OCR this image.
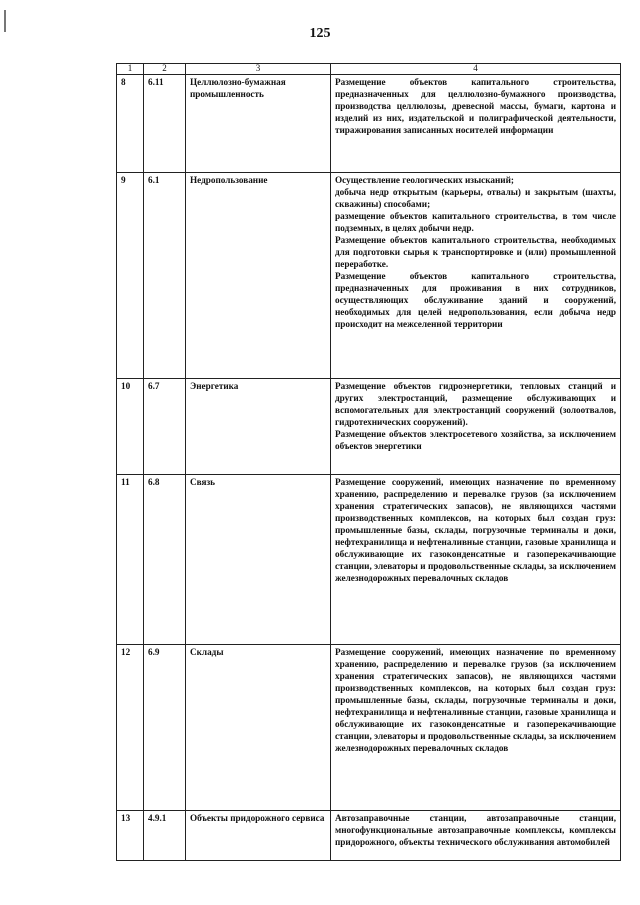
125
1	2	3	4
8	6.11	Целлюлозно-бумажная промышленность	Размещение объектов капитального строительства, предназначенных для целлюлозно-бумажного производства, производства целлюлозы, древесной массы, бумаги, картона и изделий из них, издательской и полиграфической деятельности, тиражирования записанных носителей информации

9	6.1	Недропользование	Осуществление геологических изысканий;
добыча недр открытым (карьеры, отвалы) и закрытым (шахты, скважины) способами;
размещение объектов капитального строительства, в том числе подземных, в целях добычи недр.
Размещение объектов капитального строительства, необходимых для подготовки сырья к транспортировке и (или) промышленной переработке.
Размещение объектов капитального строительства, предназначенных для проживания в них сотрудников, осуществляющих обслуживание зданий и сооружений, необходимых для целей недропользования, если добыча недр происходит на межселенной территории

10	6.7	Энергетика	Размещение объектов гидроэнергетики, тепловых станций и других электростанций, размещение обслуживающих и вспомогательных для электростанций сооружений (золоотвалов, гидротехнических сооружений).
Размещение объектов электросетевого хозяйства, за исключением объектов энергетики

11	6.8	Связь	Размещение сооружений, имеющих назначение по временному хранению, распределению и перевалке грузов (за исключением хранения стратегических запасов), не являющихся частями производственных комплексов, на которых был создан груз: промышленные базы, склады, погрузочные терминалы и доки, нефтехранилища и нефтеналивные станции, газовые хранилища и обслуживающие их газоконденсатные и газоперекачивающие станции, элеваторы и продовольственные склады, за исключением железнодорожных перевалочных складов

12	6.9	Склады	Размещение сооружений, имеющих назначение по временному хранению, распределению и перевалке грузов (за исключением хранения стратегических запасов), не являющихся частями производственных комплексов, на которых был создан груз: промышленные базы, склады, погрузочные терминалы и доки, нефтехранилища и нефтеналивные станции, газовые хранилища и обслуживающие их газоконденсатные и газоперекачивающие станции, элеваторы и продовольственные склады, за исключением железнодорожных перевалочных складов

13	4.9.1	Объекты придорожного сервиса	Автозаправочные станции, автозаправочные станции, многофункциональные автозаправочные комплексы, комплексы придорожного, объекты технического обслуживания автомобилей
